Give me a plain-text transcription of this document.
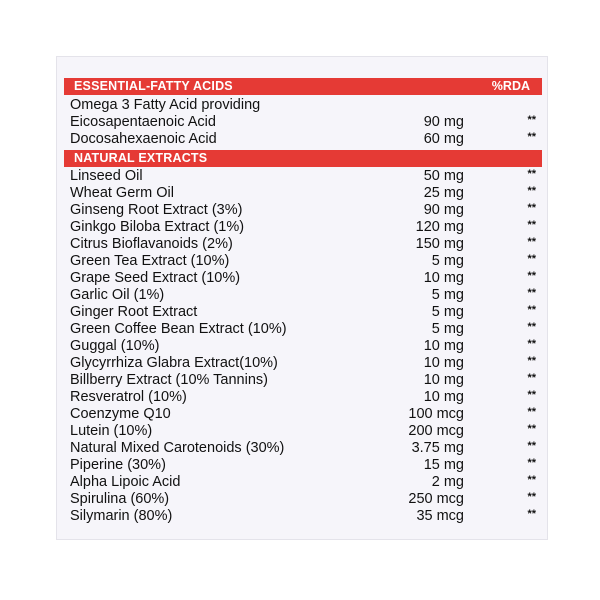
ESSENTIAL-FATTY ACIDS	%RDA
Omega 3 Fatty Acid providing
Eicosapentaenoic Acid	90 mg	**
Docosahexaenoic Acid	60 mg	**
NATURAL EXTRACTS
Linseed Oil	50 mg	**
Wheat Germ Oil	25 mg	**
Ginseng Root Extract (3%)	90 mg	**
Ginkgo Biloba Extract (1%)	120 mg	**
Citrus Bioflavanoids (2%)	150 mg	**
Green Tea Extract (10%)	5 mg	**
Grape Seed Extract (10%)	10 mg	**
Garlic Oil (1%)	5 mg	**
Ginger Root Extract	5 mg	**
Green Coffee Bean Extract (10%)	5 mg	**
Guggal (10%)	10 mg	**
Glycyrrhiza Glabra Extract(10%)	10 mg	**
Billberry Extract (10% Tannins)	10 mg	**
Resveratrol (10%)	10 mg	**
Coenzyme Q10	100 mcg	**
Lutein (10%)	200 mcg	**
Natural Mixed Carotenoids (30%)	3.75 mg	**
Piperine (30%)	15 mg	**
Alpha Lipoic Acid	2 mg	**
Spirulina (60%)	250 mcg	**
Silymarin (80%)	35 mcg	**
